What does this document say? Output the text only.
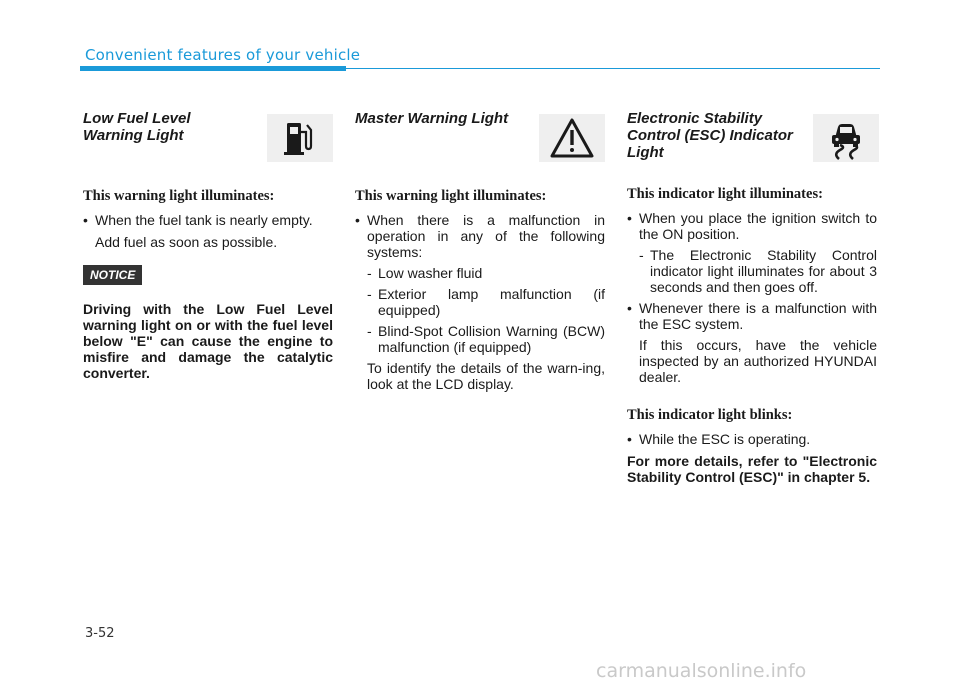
Convenient features of your vehicle
Low Fuel Level
Warning Light
This warning light illuminates:
• When the fuel tank is nearly empty.
Add fuel as soon as possible.
NOTICE
Driving with the Low Fuel Level warning light on or with the fuel level below "E" can cause the engine to misfire and damage the catalytic converter.
Master Warning Light
This warning light illuminates:
• When there is a malfunction in operation in any of the following systems:
- Low washer fluid
- Exterior lamp malfunction (if equipped)
- Blind-Spot Collision Warning (BCW) malfunction (if equipped)
To identify the details of the warn-ing, look at the LCD display.
Electronic Stability
Control (ESC) Indicator
Light
This indicator light illuminates:
• When you place the ignition switch to the ON position.
- The Electronic Stability Control indicator light illuminates for about 3 seconds and then goes off.
• Whenever there is a malfunction with the ESC system.
If this occurs, have the vehicle inspected by an authorized HYUNDAI dealer.
This indicator light blinks:
• While the ESC is operating.
For more details, refer to "Electronic Stability Control (ESC)" in chapter 5.
3-52
carmanualsonline.info
